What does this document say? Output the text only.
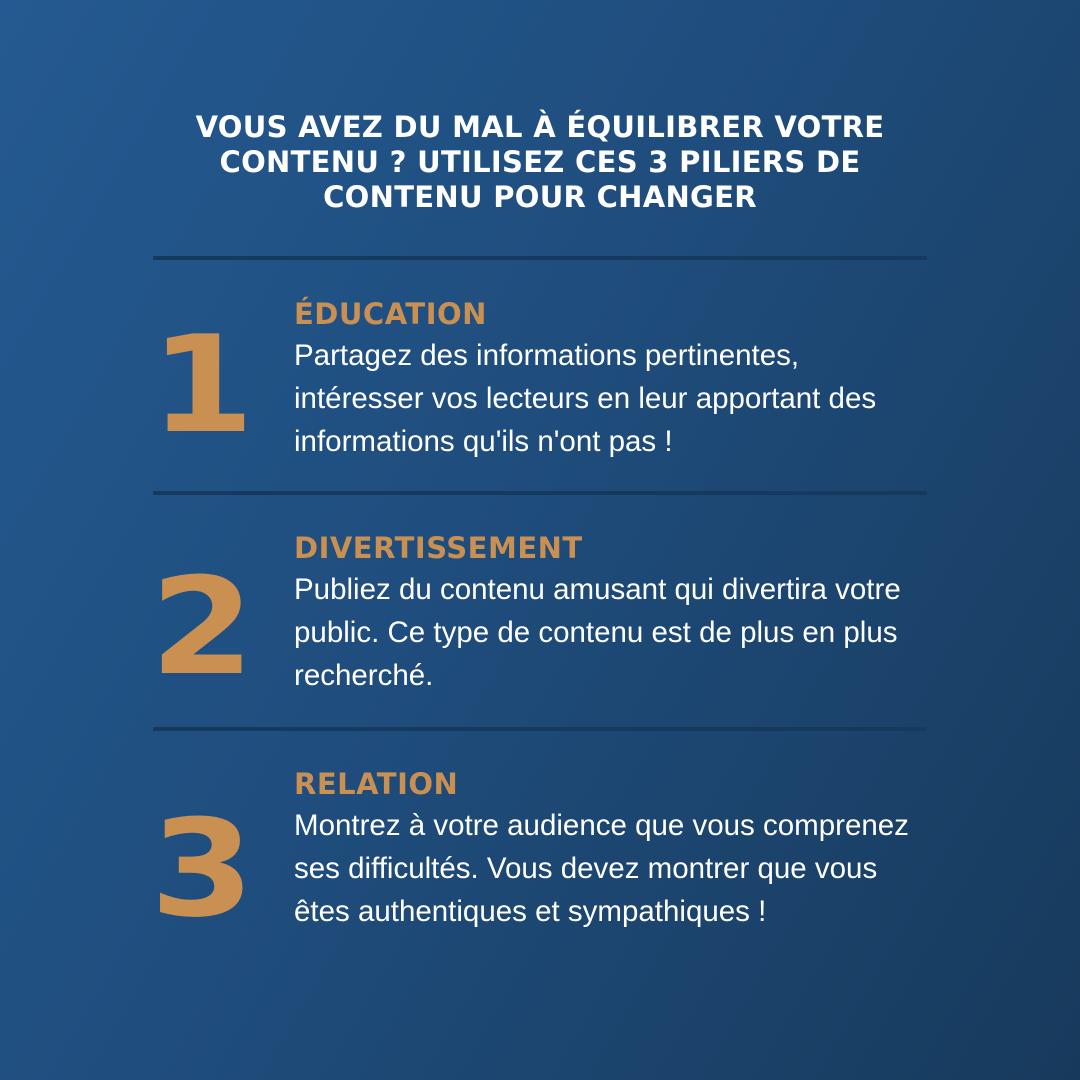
VOUS AVEZ DU MAL À ÉQUILIBRER VOTRE CONTENU ? UTILISEZ CES 3 PILIERS DE CONTENU POUR CHANGER
1 ÉDUCATION
Partagez des informations pertinentes, intéresser vos lecteurs en leur apportant des informations qu'ils n'ont pas !
2
DIVERTISSEMENT
Publiez du contenu amusant qui divertira votre public. Ce type de contenu est de plus en plus recherché.
3
RELATION
Montrez à votre audience que vous comprenez ses difficultés. Vous devez montrer que vous êtes authentiques et sympathiques !
